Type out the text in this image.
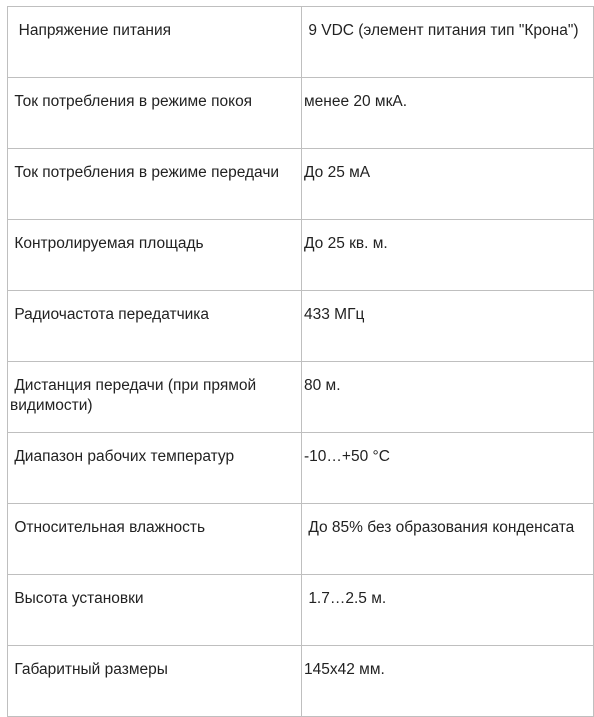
Напряжение питания	9 VDC (элемент питания тип "Крона")
Ток потребления в режиме покоя	менее 20 мкА.
Ток потребления в режиме передачи	До 25 мА
Контролируемая площадь	До 25 кв. м.
Радиочастота передатчика	433 МГц
Дистанция передачи (при прямой видимости)	80 м.
Диапазон рабочих температур	-10…+50 °C
Относительная влажность	До 85% без образования конденсата
Высота установки	1.7…2.5 м.
Габаритный размеры	145х42 мм.
